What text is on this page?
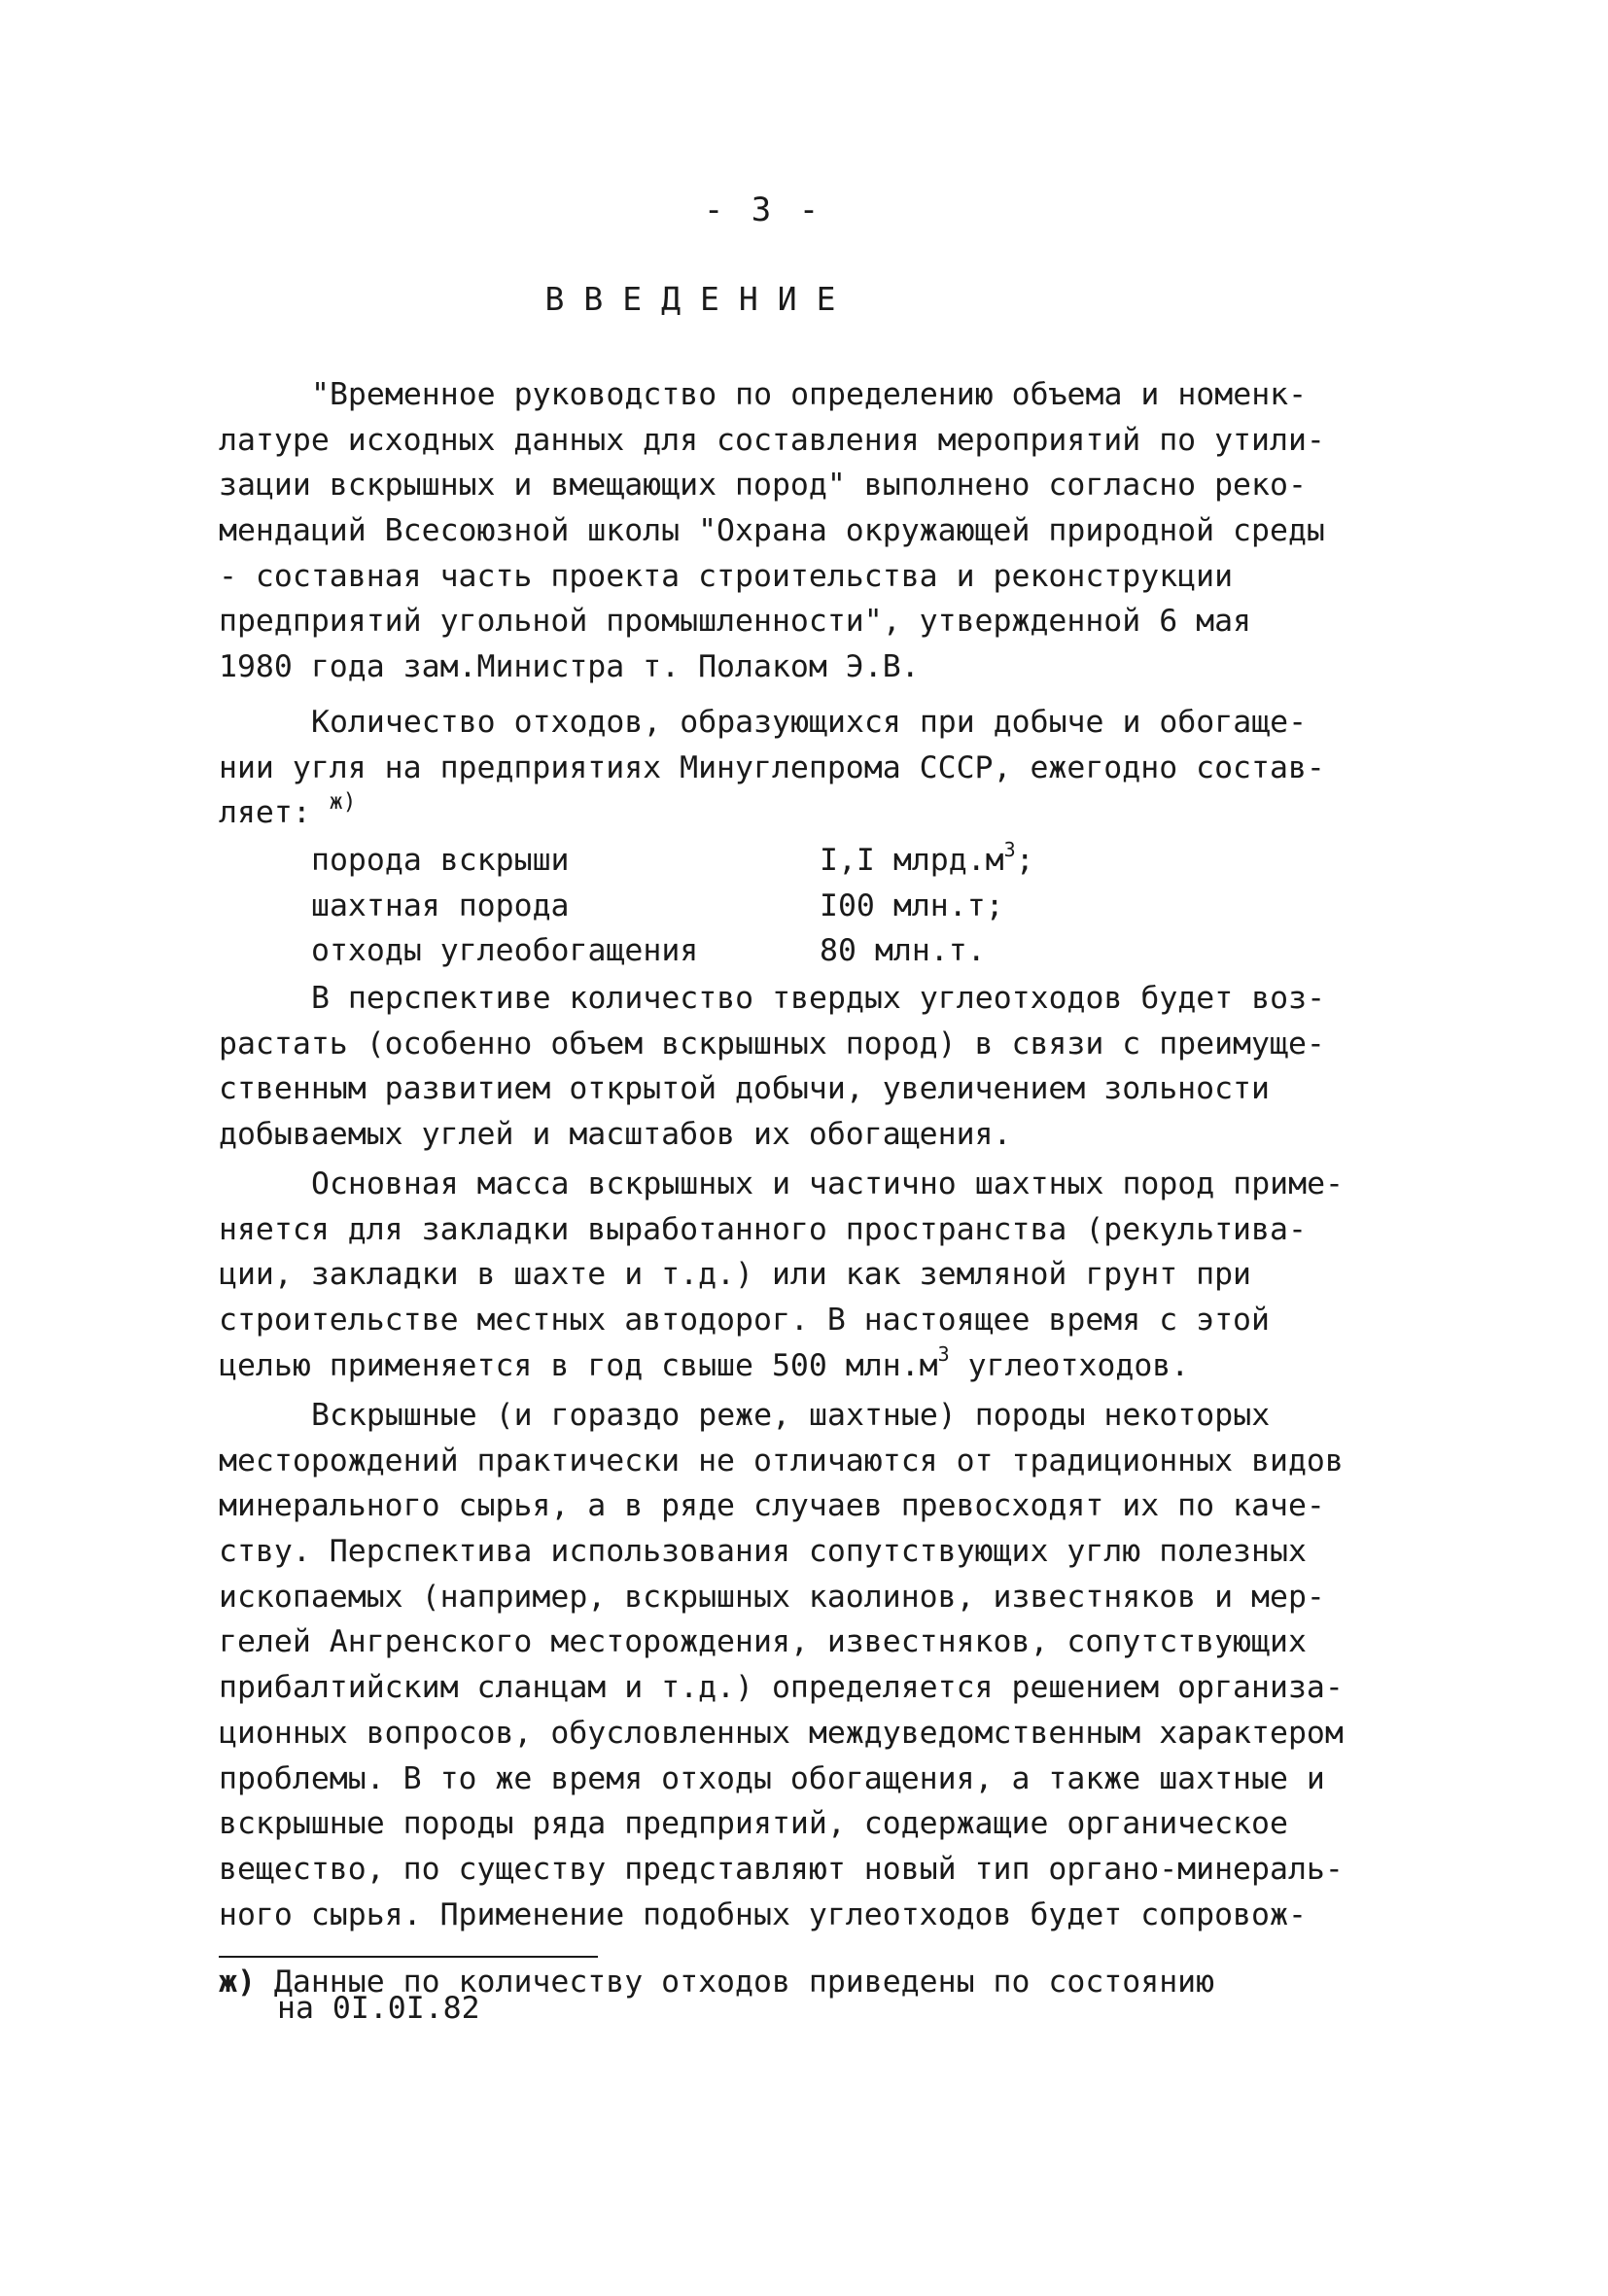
- 3 -
ВВЕДЕНИЕ
"Временное руководство по определению объема и номенк-
латуре исходных данных для составления мероприятий по утили-
зации вскрышных и вмещающих пород" выполнено согласно реко-
мендаций Всесоюзной школы "Охрана окружающей природной среды
- составная часть проекта строительства и реконструкции
предприятий угольной промышленности", утвержденной 6 мая
1980 года зам.Министра т. Полаком Э.В.
Количество отходов, образующихся при добыче и обогаще-
нии угля на предприятиях Минуглепрома СССР, ежегодно состав-
ляет: $^{ж)}$
порода вскрыши	I,I $млрд.м^3$;
шахтная порода	I00 млн.т;
отходы углеобогащения	80 млн.т.
В перспективе количество твердых углеотходов будет воз-
растать (особенно объем вскрышных пород) в связи с преимуще-
ственным развитием открытой добычи, увеличением зольности
добываемых углей и масштабов их обогащения.
Основная масса вскрышных и частично шахтных пород приме-
няется для закладки выработанного пространства (рекультива-
ции, закладки в шахте и т.д.) или как земляной грунт при
строительстве местных автодорог. В настоящее время с этой
целью применяется в год свыше 500 $млн.м^3$ углеотходов.
Вскрышные (и гораздо реже, шахтные) породы некоторых
месторождений практически не отличаются от традиционных видов
минерального сырья, а в ряде случаев превосходят их по каче-
ству. Перспектива использования сопутствующих углю полезных
ископаемых (например, вскрышных каолинов, известняков и мер-
гелей Ангренского месторождения, известняков, сопутствующих
прибалтийским сланцам и т.д.) определяется решением организа-
ционных вопросов, обусловленных междуведомственным характером
проблемы. В то же время отходы обогащения, а также шахтные и
вскрышные породы ряда предприятий, содержащие органическое
вещество, по существу представляют новый тип органо-минераль-
ного сырья. Применение подобных углеотходов будет сопровож-
ж) Данные по количеству отходов приведены по состоянию
на 0I.0I.82
